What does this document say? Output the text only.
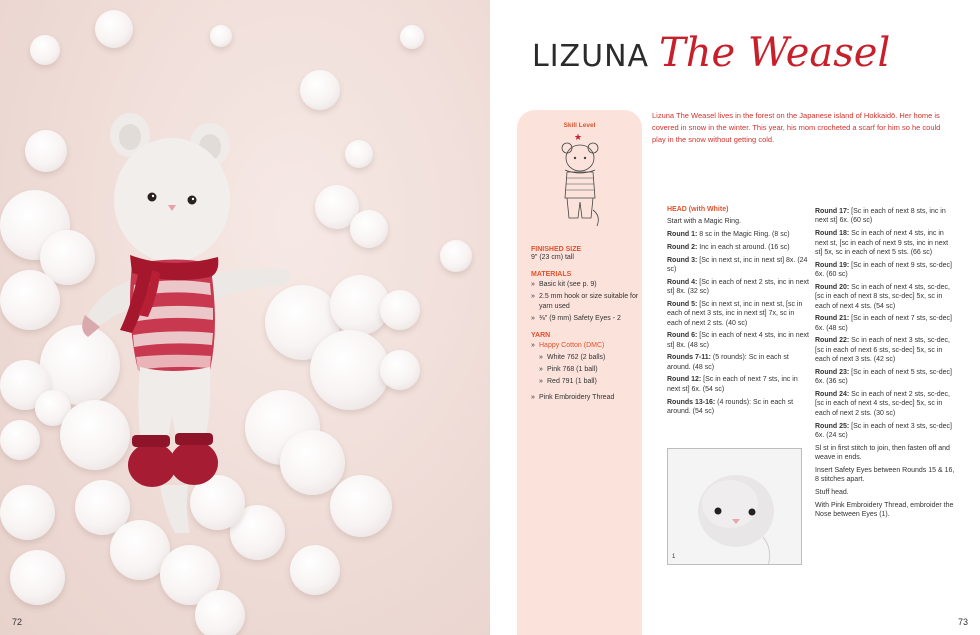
72
LIZUNA The Weasel
Skill Level
★
FINISHED SIZE
9" (23 cm) tall
MATERIALS
» Basic kit (see p. 9)
» 2.5 mm hook or size suitable for yarn used
» ⅜" (9 mm) Safety Eyes - 2
YARN
» Happy Cotton (DMC)
» White 762 (2 balls)
» Pink 768 (1 ball)
» Red 791 (1 ball)
» Pink Embroidery Thread
Lizuna The Weasel lives in the forest on the Japanese island of Hokkaidō. Her home is covered in snow in the winter. This year, his mom crocheted a scarf for him so he could play in the snow without getting cold.
HEAD (with White)

Start with a Magic Ring.

Round 1: 8 sc in the Magic Ring. (8 sc)

Round 2: Inc in each st around. (16 sc)

Round 3: [Sc in next st, inc in next st] 8x. (24 sc)

Round 4: [Sc in each of next 2 sts, inc in next st] 8x. (32 sc)

Round 5: [Sc in next st, inc in next st, [sc in each of next 3 sts, inc in next st] 7x, sc in each of next 2 sts. (40 sc)

Round 6: [Sc in each of next 4 sts, inc in next st] 8x. (48 sc)

Rounds 7-11: (5 rounds): Sc in each st around. (48 sc)

Round 12: [Sc in each of next 7 sts, inc in next st] 6x. (54 sc)

Rounds 13-16: (4 rounds): Sc in each st around. (54 sc)

Round 17: [Sc in each of next 8 sts, inc in next st] 6x. (60 sc)

Round 18: Sc in each of next 4 sts, inc in next st, [sc in each of next 9 sts, inc in next st] 5x, sc in each of next 5 sts. (66 sc)

Round 19: [Sc in each of next 9 sts, sc-dec] 6x. (60 sc)

Round 20: Sc in each of next 4 sts, sc-dec, [sc in each of next 8 sts, sc-dec] 5x, sc in each of next 4 sts. (54 sc)

Round 21: [Sc in each of next 7 sts, sc-dec] 6x. (48 sc)

Round 22: Sc in each of next 3 sts, sc-dec, [sc in each of next 6 sts, sc-dec] 5x, sc in each of next 3 sts. (42 sc)

Round 23: [Sc in each of next 5 sts, sc-dec] 6x. (36 sc)

Round 24: Sc in each of next 2 sts, sc-dec, [sc in each of next 4 sts, sc-dec] 5x, sc in each of next 2 sts. (30 sc)

Round 25: [Sc in each of next 3 sts, sc-dec] 6x. (24 sc)

Sl st in first stitch to join, then fasten off and weave in ends.

Insert Safety Eyes between Rounds 15 & 16, 8 stitches apart.

Stuff head.

With Pink Embroidery Thread, embroider the Nose between Eyes (1).

1
73
